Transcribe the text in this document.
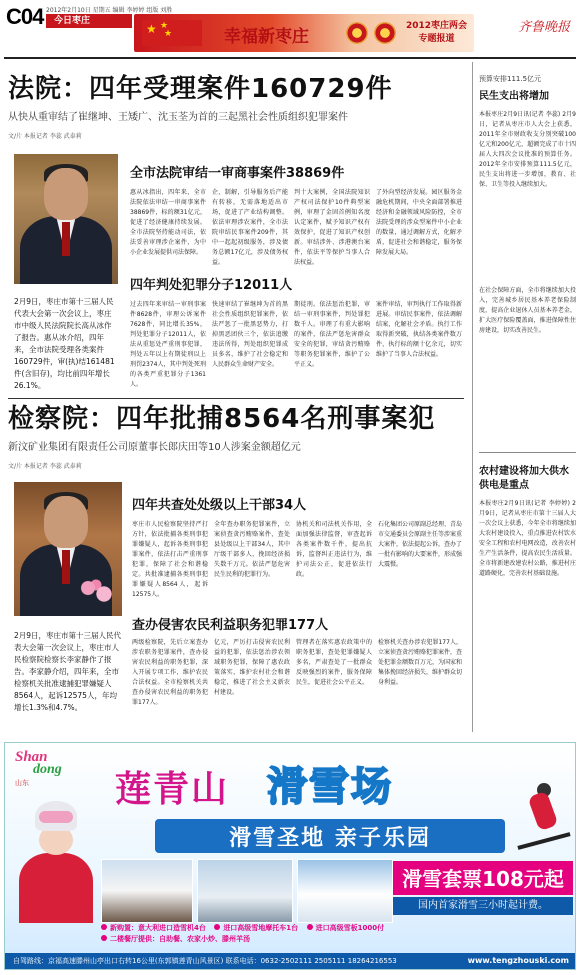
C04 2012年2月10日 星期五 编辑 李婷婷 组版 刘胜
今日枣庄
★ ★
★	幸福新枣庄
2012枣庄两会
专题报道
齐鲁晚报
法院：四年受理案件160729件
从快从重审结了崔继坤、王矮广、沈玉荃为首的三起黑社会性质组织犯罪案件
文/片 本报记者 李蕊 武泰莉
全市法院审结一审商事案件38869件
惠从冰指出，四年来，全市法院依法审结一审商事案件38869件，标的额31亿元，促进了经济健康持续发展。全市法院坚持能动司法，依法妥善审理涉企案件，为中小企业发展提供司法保障。
企、制解，引导服务后产能有转移，无需落地适出市场，促进了产业结构调整。依法审理涉农案件，全市法院审结民事案件209件，其中一起起初级服务，涉及债务总额17亿元，涉及债务权益。
判十大案例，全国法院知识产权司法保护10件典型案例，审理了金固首例知名度认定案件，赋予知识产权有效保护，促进了知识产权创新。审结涉外、涉港澳台案件，依法平等保护当事人合法权益。
了外向型经济发展。园区服务金融危机期间，中央全面部署推进经济和金融领域风险防控，全市法院受理的涉众型案件中小企业的数量，通过调解方式，化解矛盾，促进社会和谐稳定，服务保障发展大局。
四年判处犯罪分子12011人
2月9日，枣庄市第十三届人民代表大会第一次会议上，枣庄市中级人民法院院长高从冰作了报告。惠从冰介绍，四年来，全市法院受理各类案件160729件，审(执)结161481件(含旧存)，均比前四年增长26.1%。
过去四年来审结一审刑事案件8628件，审理公诉案件7628件，同比增长35%，判处犯罪分子12011人，依法从重惩处严重刑事犯罪，判处五年以上有期徒刑以上刑罚2374人，其中判处死刑的各类严重犯罪分子1361人。
快速审结了崔继坤为首的黑社会性质组织犯罪案件，依法严惩了一批黑恶势力，打掉黑恶团伙三个，依法追缴违法所得，判处组织犯罪成员多名，维护了社会稳定和人民群众生命财产安全。
期徒刑。依法惩治犯罪，审结一审刑事案件，判处罪犯数千人。审理了有重大影响的案件，依法严惩危害群众安全的犯罪，审结贪污贿赂等职务犯罪案件，维护了公平正义。
案件审结，审判执行工作取得新进展。审结民事案件，依法调解结案，化解社会矛盾。执行工作取得新突破，执结各类案件数万件，执行标的额十亿余元，切实维护了当事人合法权益。
检察院：四年批捕8564名刑事案犯
新汶矿业集团有限责任公司原董事长郎庆田等10人涉案金额超亿元
文/片 本报记者 李蕊 武泰莉
四年共查处处级以上干部34人
枣庄市人民检察院坚持严打方针，依法批捕各类刑事犯罪嫌疑人，起诉各类刑事犯罪案件，依法打击严重刑事犯罪，保障了社会和谐稳定。共批准逮捕各类刑事犯罪嫌疑人8564人，起诉12575人。
全年查办职务犯罪案件，立案侦查贪污贿赂案件，查处县处级以上干部34人，其中厅级干部多人，挽回经济损失数千万元。依法严惩危害民生民利的犯罪行为。
协机关和司法机关作用，全面加强法律监督，审查起诉各类案件数千件，提出抗诉，监督纠正违法行为，维护司法公正，促进依法行政。
石化集团公司原副总经理、青岛市交通委员会原副主任等涉案重大案件，依法提起公诉，查办了一批有影响的大要案件，形成强大震慑。
查办侵害农民利益职务犯罪177人
2月9日，枣庄市第十三届人民代表大会第一次会议上，枣庄市人民检察院检察长李家静作了报告。李家静介绍，四年来，全市检察机关批准逮捕犯罪嫌疑人8564人，起诉12575人，年均增长1.3%和4.7%。
两级检察院，先后立案查办涉农职务犯罪案件，查办侵害农民利益的职务犯罪，深入开展专项工作，维护农民合法权益。全市检察机关共查办侵害农民利益的职务犯罪177人。
亿元，严厉打击侵害农民利益的犯罪，依法惩治涉农领域职务犯罪，保障了惠农政策落实，维护农村社会和谐稳定，推进了社会主义新农村建设。
管理者在落实惠农政策中的职务犯罪，查处犯罪嫌疑人多名，严肃查处了一批群众反映强烈的案件，服务保障民生，促进社会公平正义。
检察机关查办涉农犯罪177人，立案侦查贪污贿赂犯罪案件，查处犯罪金额数百万元，为国家和集体挽回经济损失，维护群众切身利益。
预算安排111.5亿元
民生支出将增加
本报枣庄2月9日讯(记者 李蕊) 2月9日，记者从枣庄市人大会上获悉，2011年全市财政收支分别突破100亿元和200亿元，超额完成了市十四届人大四次会议批准的预算任务。2012年全市安排预算111.5亿元，民生支出将进一步增加，教育、社保、卫生等投入继续加大。
在社会保障方面，全市将继续加大投入，完善城乡居民基本养老保险制度，提高企业退休人员基本养老金，扩大医疗保险覆盖面，推进保障性住房建设，切实改善民生。
农村建设将加大供水供电是重点
本报枣庄2月9日讯(记者 李婷婷) 2月9日，记者从枣庄市第十三届人大一次会议上获悉，今年全市将继续加大农村建设投入，重点推进农村饮水安全工程和农村电网改造，改善农村生产生活条件，提高农民生活质量。全市将新建改建农村公路，推进村庄道路硬化，完善农村基础设施。
Shan
dong
山东	莲青山 滑雪场
滑雪圣地 亲子乐园
滑雪套票108元起
国内首家滑雪三小时起计费。
新购置：意大利进口造雪机4台 进口高级雪地摩托车1台 进口高级雪板1000付
二楼餐厅提供：自助餐、农家小炒、滕州羊汤
自驾路线：京福高速滕州山亭出口右转16公里(东郭镇莲青山风景区) 联系电话：0632-2502111 2505111 18264216553	www.tengzhouski.com
